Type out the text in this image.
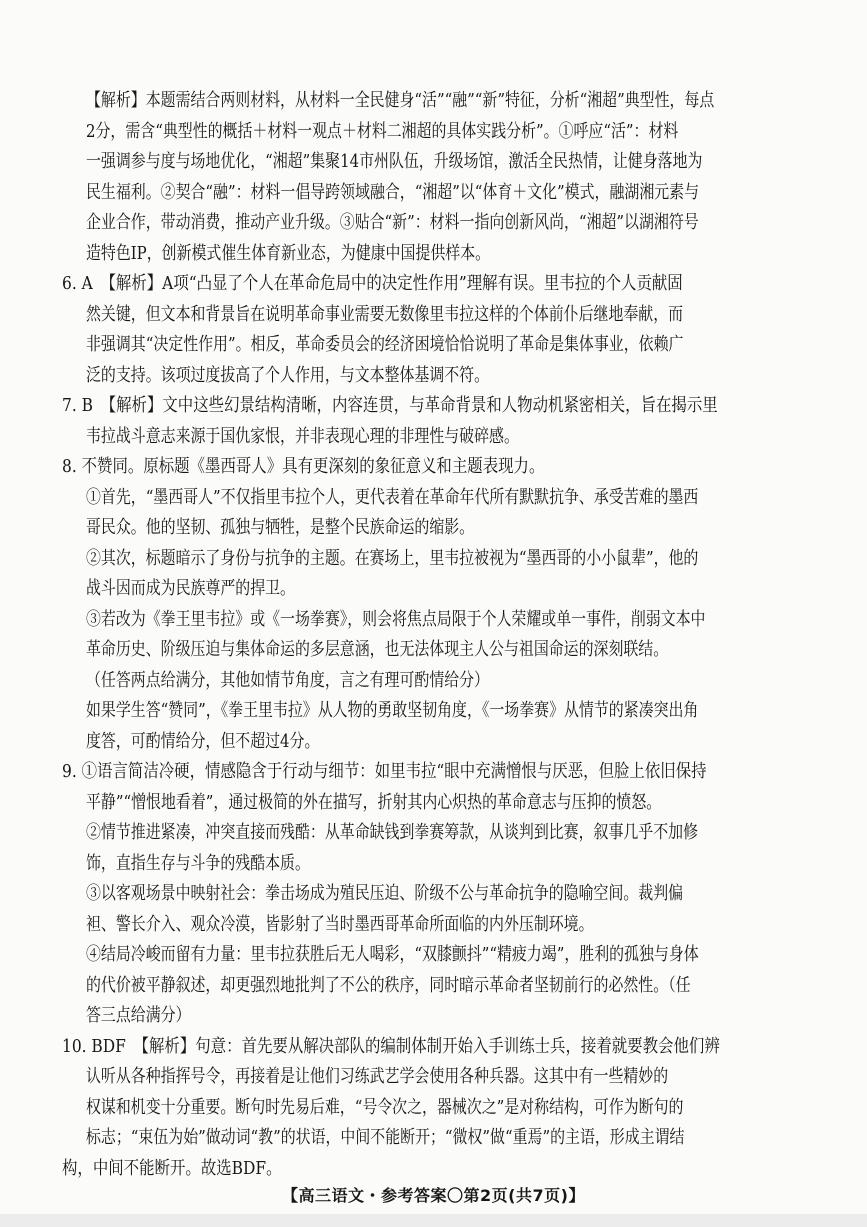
【解析】本题需结合两则材料，从材料一全民健身“活”“融”“新”特征，分析“湘超”典型性，每点
2分，需含“典型性的概括＋材料一观点＋材料二湘超的具体实践分析”。①呼应“活”：材料
一强调参与度与场地优化，“湘超”集聚14市州队伍，升级场馆，激活全民热情，让健身落地为
民生福利。②契合“融”：材料一倡导跨领域融合，“湘超”以“体育＋文化”模式，融湖湘元素与
企业合作，带动消费，推动产业升级。③贴合“新”：材料一指向创新风尚，“湘超”以湖湘符号
造特色IP，创新模式催生体育新业态，为健康中国提供样本。
6. A　【解析】A项“凸显了个人在革命危局中的决定性作用”理解有误。里韦拉的个人贡献固
然关键，但文本和背景旨在说明革命事业需要无数像里韦拉这样的个体前仆后继地奉献，而
非强调其“决定性作用”。相反，革命委员会的经济困境恰恰说明了革命是集体事业，依赖广
泛的支持。该项过度拔高了个人作用，与文本整体基调不符。
7. B　【解析】文中这些幻景结构清晰，内容连贯，与革命背景和人物动机紧密相关，旨在揭示里
韦拉战斗意志来源于国仇家恨，并非表现心理的非理性与破碎感。
8. 不赞同。原标题《墨西哥人》具有更深刻的象征意义和主题表现力。
①首先，“墨西哥人”不仅指里韦拉个人，更代表着在革命年代所有默默抗争、承受苦难的墨西
哥民众。他的坚韧、孤独与牺牲，是整个民族命运的缩影。
②其次，标题暗示了身份与抗争的主题。在赛场上，里韦拉被视为“墨西哥的小小鼠辈”，他的
战斗因而成为民族尊严的捍卫。
③若改为《拳王里韦拉》或《一场拳赛》，则会将焦点局限于个人荣耀或单一事件，削弱文本中
革命历史、阶级压迫与集体命运的多层意涵，也无法体现主人公与祖国命运的深刻联结。
（任答两点给满分，其他如情节角度，言之有理可酌情给分）
如果学生答“赞同”，《拳王里韦拉》从人物的勇敢坚韧角度，《一场拳赛》从情节的紧凑突出角
度答，可酌情给分，但不超过4分。
9. ①语言简洁冷硬，情感隐含于行动与细节：如里韦拉“眼中充满憎恨与厌恶，但脸上依旧保持
平静”“憎恨地看着”，通过极简的外在描写，折射其内心炽热的革命意志与压抑的愤怒。
②情节推进紧凑，冲突直接而残酷：从革命缺钱到拳赛筹款，从谈判到比赛，叙事几乎不加修
饰，直指生存与斗争的残酷本质。
③以客观场景中映射社会：拳击场成为殖民压迫、阶级不公与革命抗争的隐喻空间。裁判偏
袒、警长介入、观众冷漠，皆影射了当时墨西哥革命所面临的内外压制环境。
④结局冷峻而留有力量：里韦拉获胜后无人喝彩，“双膝颤抖”“精疲力竭”，胜利的孤独与身体
的代价被平静叙述，却更强烈地批判了不公的秩序，同时暗示革命者坚韧前行的必然性。（任
答三点给满分）
10. BDF　【解析】句意：首先要从解决部队的编制体制开始入手训练士兵，接着就要教会他们辨
认听从各种指挥号令，再接着是让他们习练武艺学会使用各种兵器。这其中有一些精妙的
权谋和机变十分重要。断句时先易后难，“号令次之，器械次之”是对称结构，可作为断句的
标志；“束伍为始”做动词“教”的状语，中间不能断开；“微权”做“重焉”的主语，形成主谓结
构，中间不能断开。故选BDF。
【高三语文・参考答案〇第2页(共7页)】
